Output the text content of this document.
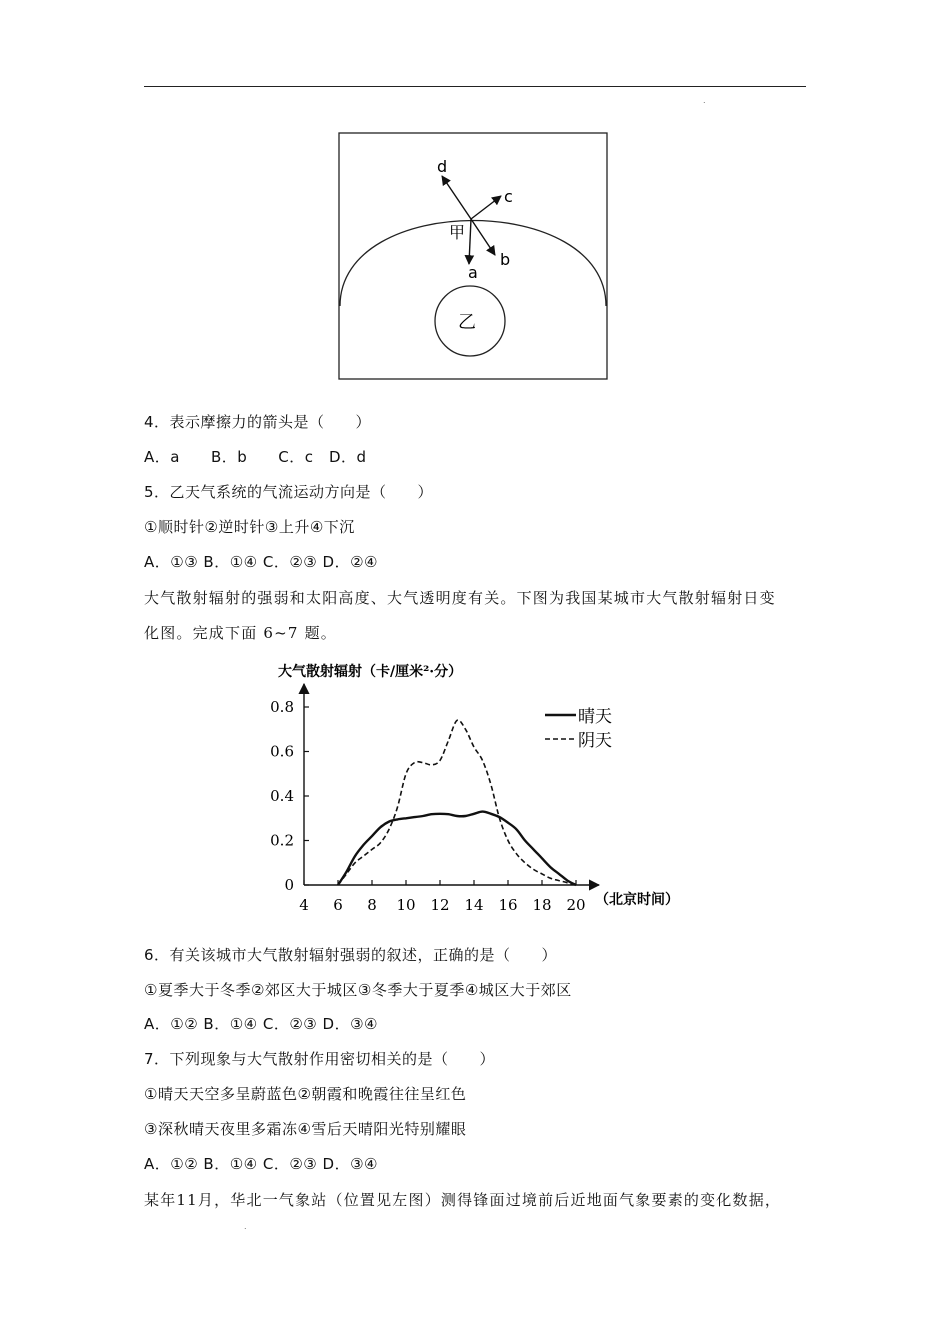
.
d
c
b
a
甲
乙
4．表示摩擦力的箭头是（　　）
A．a　　B．b　　C．c　D．d
5．乙天气系统的气流运动方向是（　　）
①顺时针②逆时针③上升④下沉
A．①③ B．①④ C．②③ D．②④
大气散射辐射的强弱和太阳高度、大气透明度有关。下图为我国某城市大气散射辐射日变
化图。完成下面 6~7 题。
大气散射辐射（卡/厘米²·分）
0
0.2
0.4
0.6
0.8
4 6 8 10 12 14 16 18 20 （北京时间）
晴天
阴天
6．有关该城市大气散射辐射强弱的叙述，正确的是（　　）
①夏季大于冬季②郊区大于城区③冬季大于夏季④城区大于郊区
A．①② B．①④ C．②③ D．③④
7．下列现象与大气散射作用密切相关的是（　　）
①晴天天空多呈蔚蓝色②朝霞和晚霞往往呈红色
③深秋晴天夜里多霜冻④雪后天晴阳光特别耀眼
A．①② B．①④ C．②③ D．③④
某年11月，华北一气象站（位置见左图）测得锋面过境前后近地面气象要素的变化数据，
.
